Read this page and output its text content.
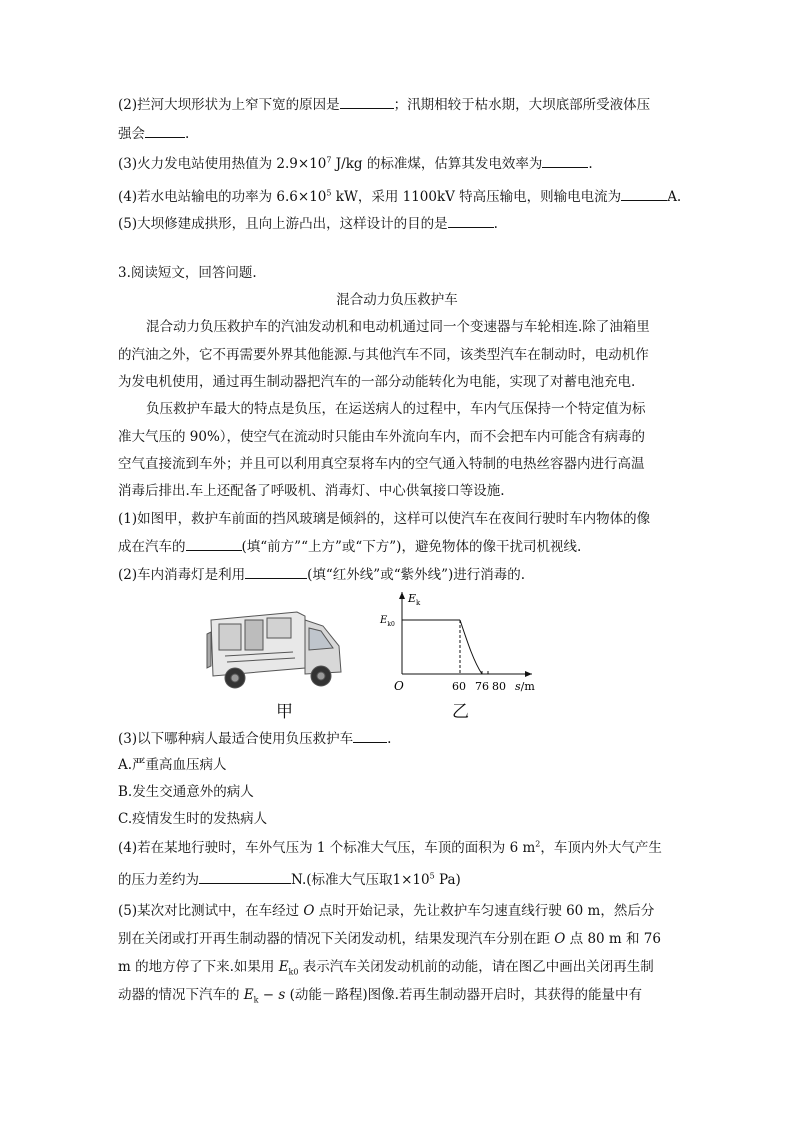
(2)拦河大坝形状为上窄下宽的原因是	；汛期相较于枯水期，大坝底部所受液体压
强会	.
(3)火力发电站使用热值为 $2.9\times 10^7$ J/kg 的标准煤，估算其发电效率为	.
(4)若水电站输电的功率为 $6.6\times 10^5$ kW，采用 1100kV 特高压输电，则输电电流为	A.
(5)大坝修建成拱形，且向上游凸出，这样设计的目的是	.
3.阅读短文，回答问题.
混合动力负压救护车
混合动力负压救护车的汽油发动机和电动机通过同一个变速器与车轮相连.除了油箱里
的汽油之外，它不再需要外界其他能源.与其他汽车不同，该类型汽车在制动时，电动机作
为发电机使用，通过再生制动器把汽车的一部分动能转化为电能，实现了对蓄电池充电.
负压救护车最大的特点是负压，在运送病人的过程中，车内气压保持一个特定值为标
准大气压的 90%），使空气在流动时只能由车外流向车内，而不会把车内可能含有病毒的
空气直接流到车外；并且可以利用真空泵将车内的空气通入特制的电热丝容器内进行高温
消毒后排出.车上还配备了呼吸机、消毒灯、中心供氧接口等设施.
(1)如图甲，救护车前面的挡风玻璃是倾斜的，这样可以使汽车在夜间行驶时车内物体的像
成在汽车的	(填“前方”“上方”或“下方”)，避免物体的像干扰司机视线.
(2)车内消毒灯是利用	(填“红外线”或“紫外线”)进行消毒的.
甲
$E_k$
$E_{k0}$
O	60 76 80 s/m
乙
(3)以下哪种病人最适合使用负压救护车	.
A.严重高血压病人
B.发生交通意外的病人
C.疫情发生时的发热病人
(4)若在某地行驶时，车外气压为 1 个标准大气压，车顶的面积为 6 $m^2$，车顶内外大气产生
的压力差约为	N.(标准大气压取$1\times 10^5$ Pa)
(5)某次对比测试中，在车经过 O 点时开始记录，先让救护车匀速直线行驶 60 m，然后分
别在关闭或打开再生制动器的情况下关闭发动机，结果发现汽车分别在距 O 点 80 m 和 76
m 的地方停了下来.如果用 $E_{k0}$ 表示汽车关闭发动机前的动能，请在图乙中画出关闭再生制
动器的情况下汽车的 $E_k - s$ (动能－路程)图像.若再生制动器开启时，其获得的能量中有
